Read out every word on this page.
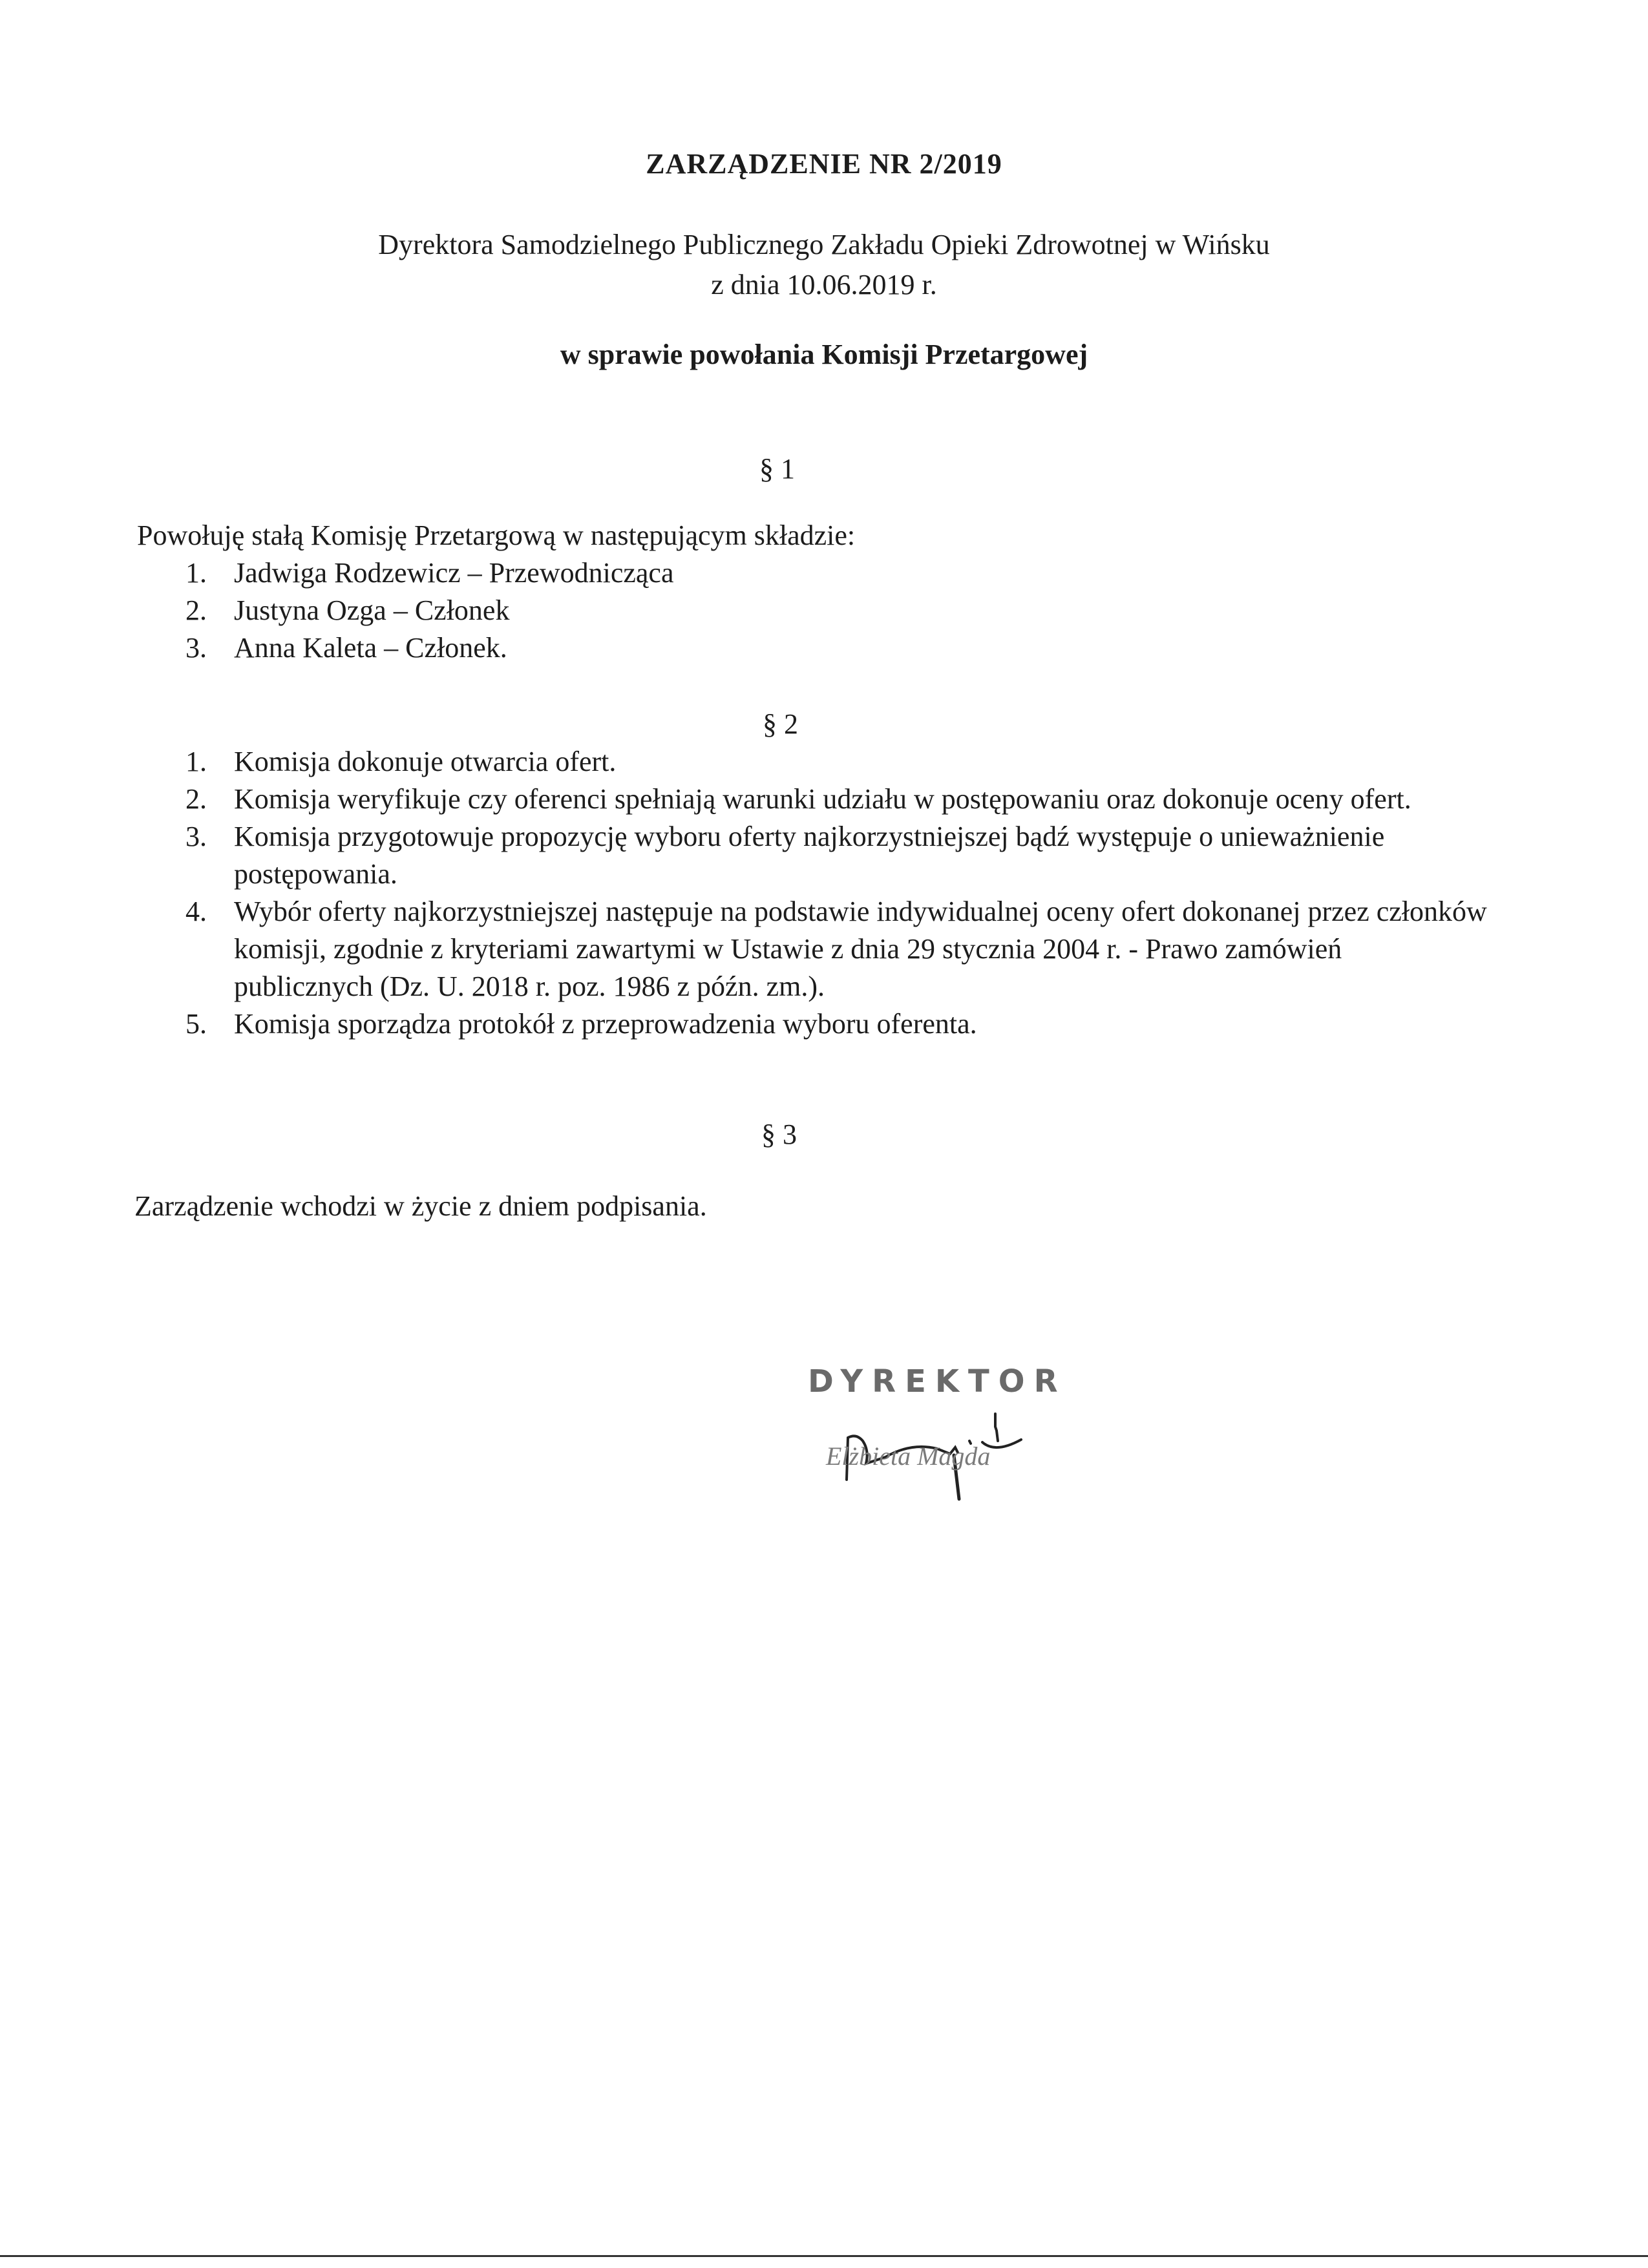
ZARZĄDZENIE NR 2/2019
Dyrektora Samodzielnego Publicznego Zakładu Opieki Zdrowotnej w Wińsku
z dnia 10.06.2019 r.
w sprawie powołania Komisji Przetargowej
§ 1
Powołuję stałą Komisję Przetargową w następującym składzie:
1. Jadwiga Rodzewicz – Przewodnicząca
2. Justyna Ozga – Członek
3. Anna Kaleta – Członek.
§ 2
1. Komisja dokonuje otwarcia ofert.
2. Komisja weryfikuje czy oferenci spełniają warunki udziału w postępowaniu oraz dokonuje oceny ofert.
3. Komisja przygotowuje propozycję wyboru oferty najkorzystniejszej bądź występuje o unieważnienie postępowania.
4. Wybór oferty najkorzystniejszej następuje na podstawie indywidualnej oceny ofert dokonanej przez członków komisji, zgodnie z kryteriami zawartymi w Ustawie z dnia 29 stycznia 2004 r. - Prawo zamówień publicznych (Dz. U. 2018 r. poz. 1986 z późn. zm.).
5. Komisja sporządza protokół z przeprowadzenia wyboru oferenta.
§ 3
Zarządzenie wchodzi w życie z dniem podpisania.
DYREKTOR
Elżbieta Magda
